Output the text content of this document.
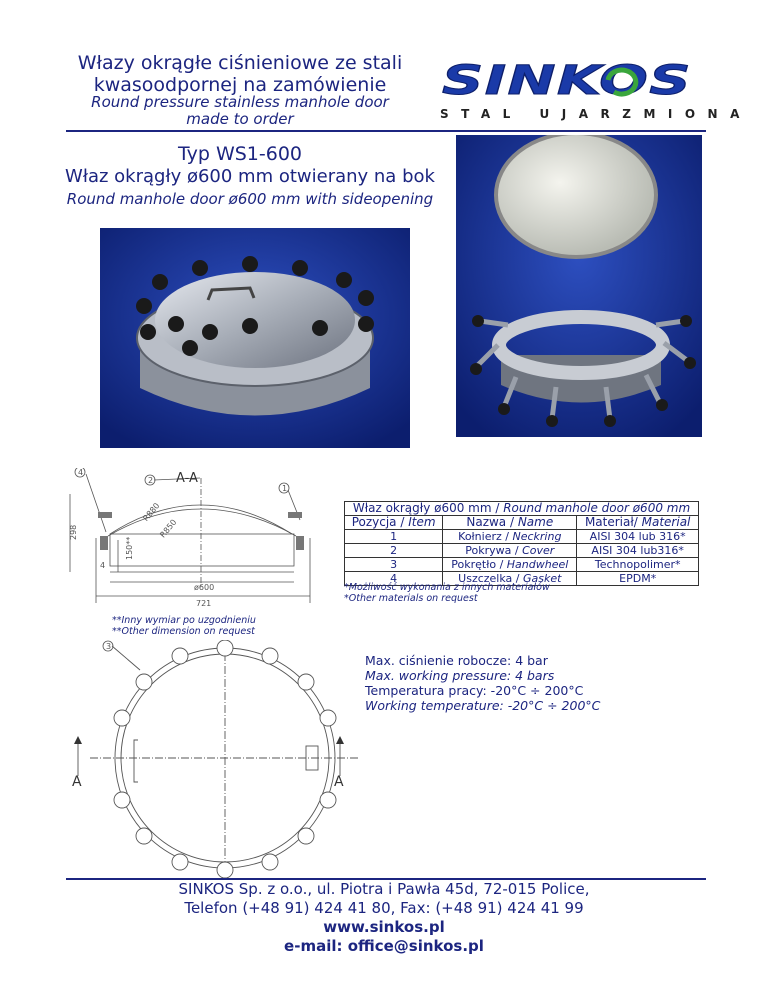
Włazy okrągłe ciśnieniowe ze stali
kwasoodpornej na zamówienie
Round pressure stainless manhole door
made to order
SINKOS
STAL UJARZMIONA
Typ WS1-600
Właz okrągły ø600 mm otwierany na bok
Round manhole door ø600 mm with sideopening
A-A
2
1
4
ø600
721
298
150**
R850
R880
4
**Inny wymiar po uzgodnieniu
**Other dimension on request
Właz okrągły ø600 mm / Round manhole door ø600 mm		
Pozycja / Item	Nazwa / Name	Materiał/ Material
1	Kołnierz / Neckring	AISI 304 lub 316*
2	Pokrywa / Cover	AISI 304 lub316*
3	Pokrętło / Handwheel	Technopolimer*
4	Uszczelka / Gasket	EPDM*
*Możliwość wykonania z innych materiałów
*Other materials on request
3
A	A
Max. ciśnienie robocze: 4 bar
Max. working pressure: 4 bars
Temperatura pracy: -20°C ÷ 200°C
Working temperature: -20°C ÷ 200°C
SINKOS Sp. z o.o., ul. Piotra i Pawła 45d, 72-015 Police,
Telefon (+48 91) 424 41 80, Fax: (+48 91) 424 41 99
www.sinkos.pl
e-mail: office@sinkos.pl
